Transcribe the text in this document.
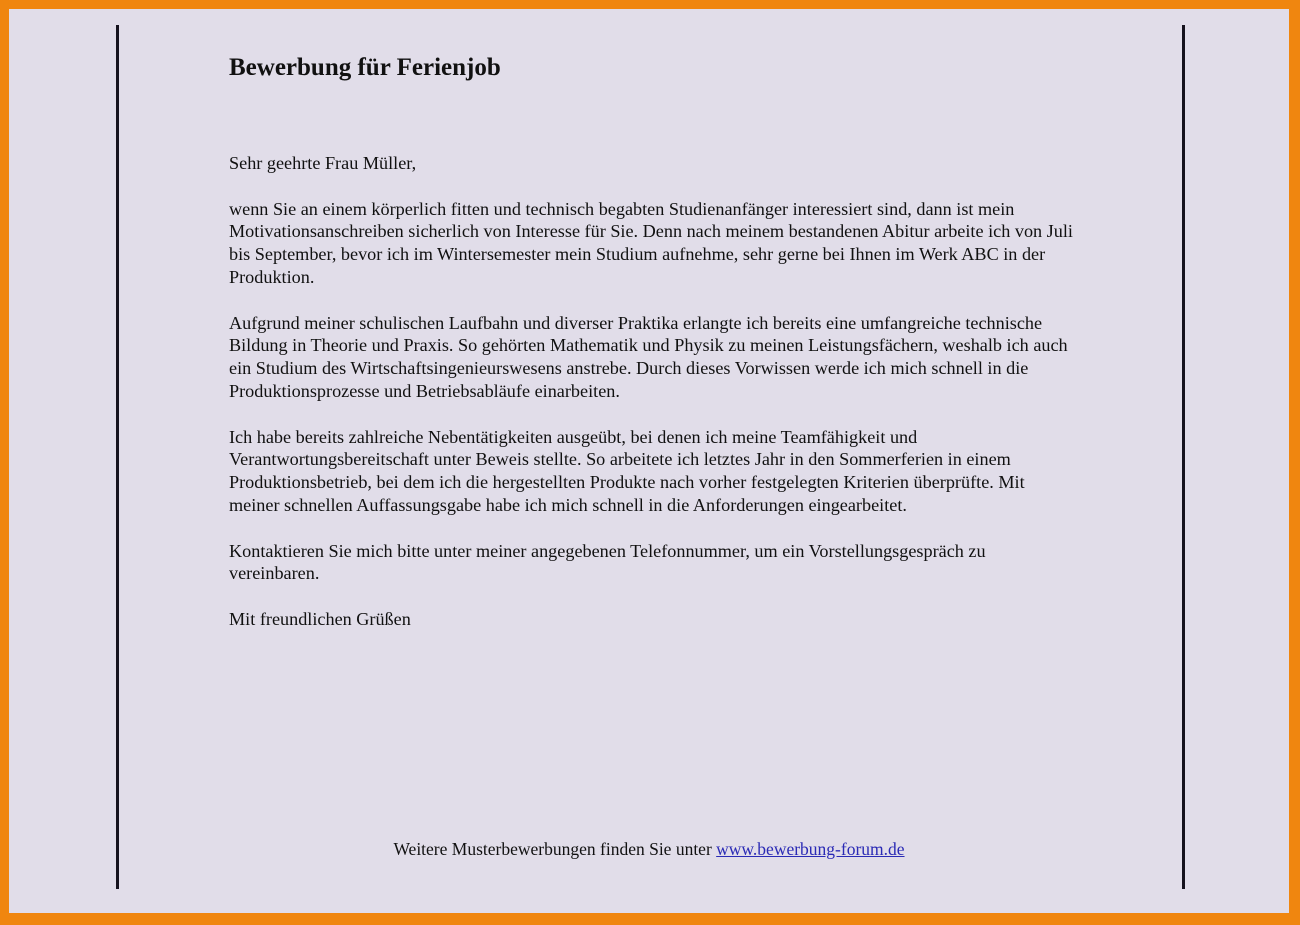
Bewerbung für Ferienjob

Sehr geehrte Frau Müller,

wenn Sie an einem körperlich fitten und technisch begabten Studienanfänger interessiert sind, dann ist mein Motivationsanschreiben sicherlich von Interesse für Sie. Denn nach meinem bestandenen Abitur arbeite ich von Juli bis September, bevor ich im Wintersemester mein Studium aufnehme, sehr gerne bei Ihnen im Werk ABC in der Produktion.

Aufgrund meiner schulischen Laufbahn und diverser Praktika erlangte ich bereits eine umfangreiche technische Bildung in Theorie und Praxis. So gehörten Mathematik und Physik zu meinen Leistungsfächern, weshalb ich auch ein Studium des Wirtschaftsingenieurswesens anstrebe. Durch dieses Vorwissen werde ich mich schnell in die Produktionsprozesse und Betriebsabläufe einarbeiten.

Ich habe bereits zahlreiche Nebentätigkeiten ausgeübt, bei denen ich meine Teamfähigkeit und Verantwortungsbereitschaft unter Beweis stellte. So arbeitete ich letztes Jahr in den Sommerferien in einem Produktionsbetrieb, bei dem ich die hergestellten Produkte nach vorher festgelegten Kriterien überprüfte. Mit meiner schnellen Auffassungsgabe habe ich mich schnell in die Anforderungen eingearbeitet.

Kontaktieren Sie mich bitte unter meiner angegebenen Telefonnummer, um ein Vorstellungsgespräch zu vereinbaren.

Mit freundlichen Grüßen

Weitere Musterbewerbungen finden Sie unter www.bewerbung-forum.de
